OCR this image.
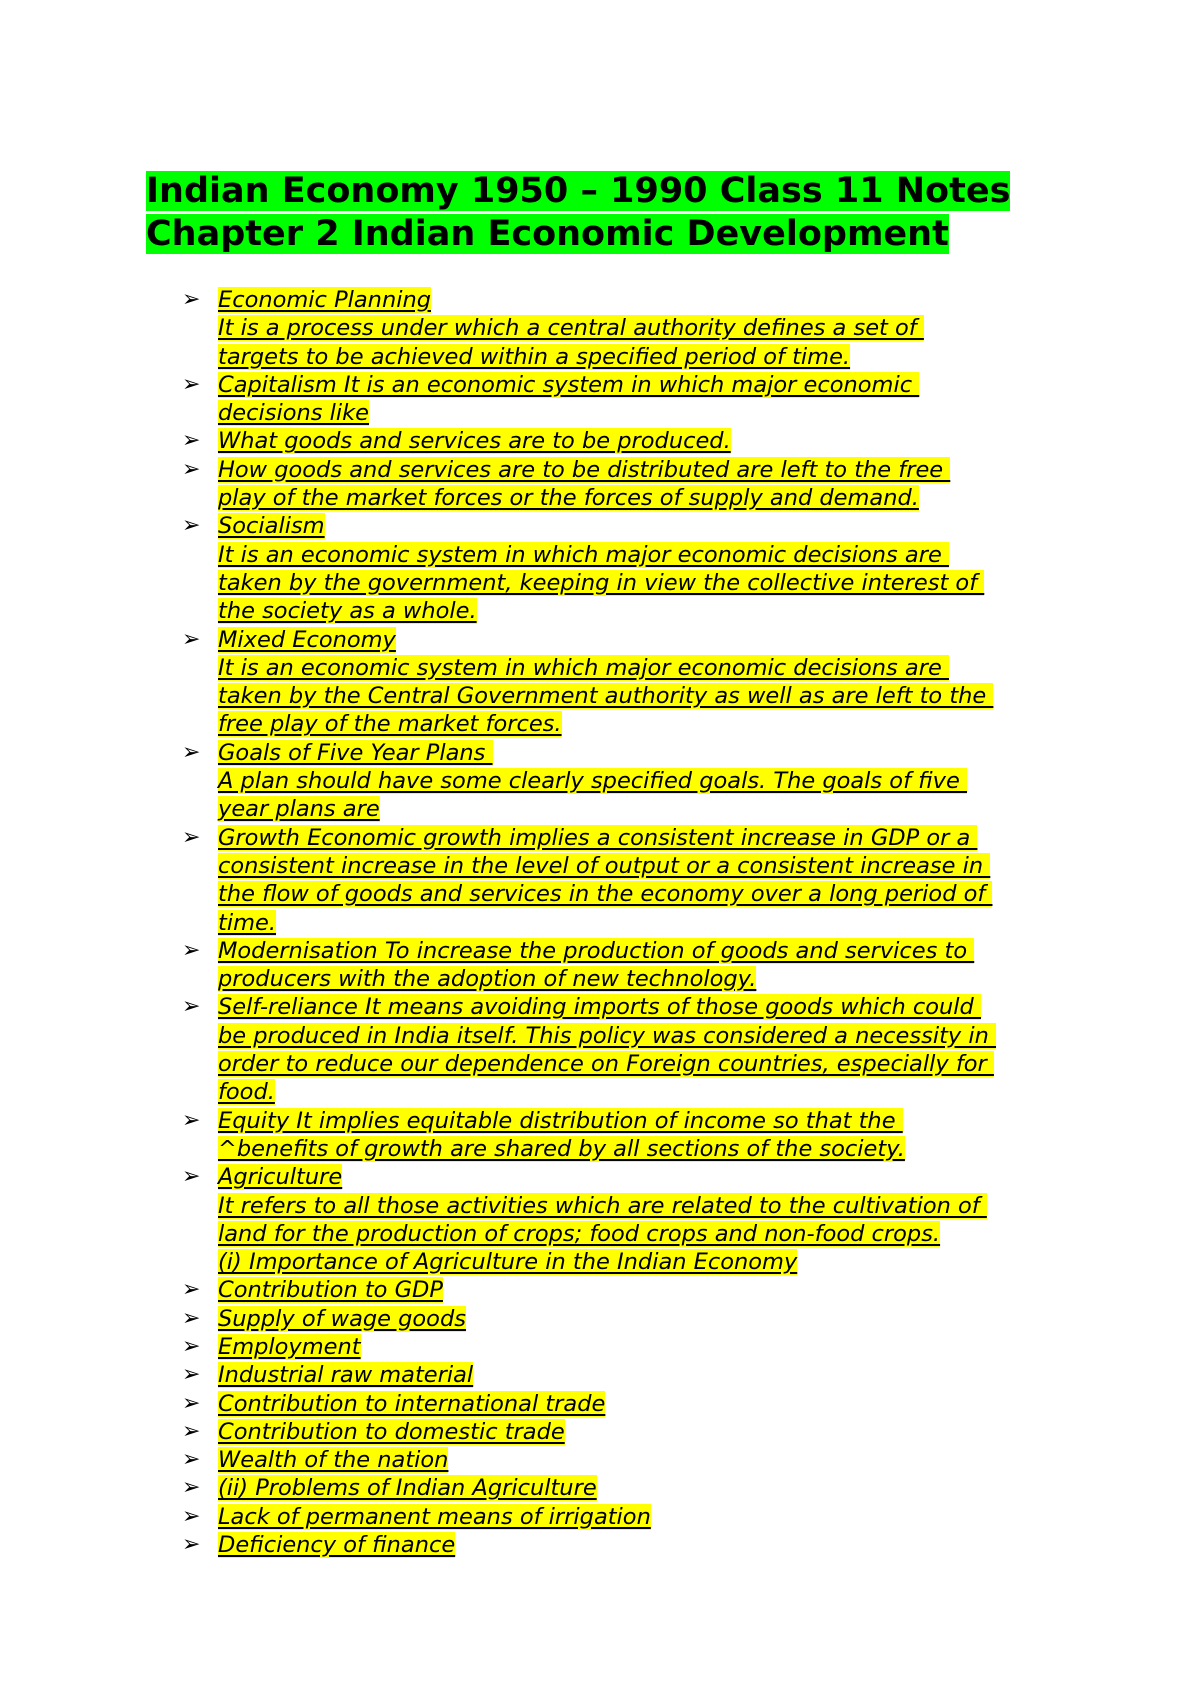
Indian Economy 1950 – 1990 Class 11 Notes
Chapter 2 Indian Economic Development
➢ Economic Planning
It is a process under which a central authority defines a set of
targets to be achieved within a specified period of time.
➢ Capitalism It is an economic system in which major economic
decisions like
➢ What goods and services are to be produced.
➢ How goods and services are to be distributed are left to the free
play of the market forces or the forces of supply and demand.
➢ Socialism
It is an economic system in which major economic decisions are
taken by the government, keeping in view the collective interest of
the society as a whole.
➢ Mixed Economy
It is an economic system in which major economic decisions are
taken by the Central Government authority as well as are left to the
free play of the market forces.
➢ Goals of Five Year Plans
A plan should have some clearly specified goals. The goals of five
year plans are
➢ Growth Economic growth implies a consistent increase in GDP or a
consistent increase in the level of output or a consistent increase in
the flow of goods and services in the economy over a long period of
time.
➢ Modernisation To increase the production of goods and services to
producers with the adoption of new technology.
➢ Self-reliance It means avoiding imports of those goods which could
be produced in India itself. This policy was considered a necessity in
order to reduce our dependence on Foreign countries, especially for
food.
➢ Equity It implies equitable distribution of income so that the
^benefits of growth are shared by all sections of the society.
➢ Agriculture
It refers to all those activities which are related to the cultivation of
land for the production of crops; food crops and non-food crops.
(i) Importance of Agriculture in the Indian Economy
➢ Contribution to GDP
➢ Supply of wage goods
➢ Employment
➢ Industrial raw material
➢ Contribution to international trade
➢ Contribution to domestic trade
➢ Wealth of the nation
➢ (ii) Problems of Indian Agriculture
➢ Lack of permanent means of irrigation
➢ Deficiency of finance
